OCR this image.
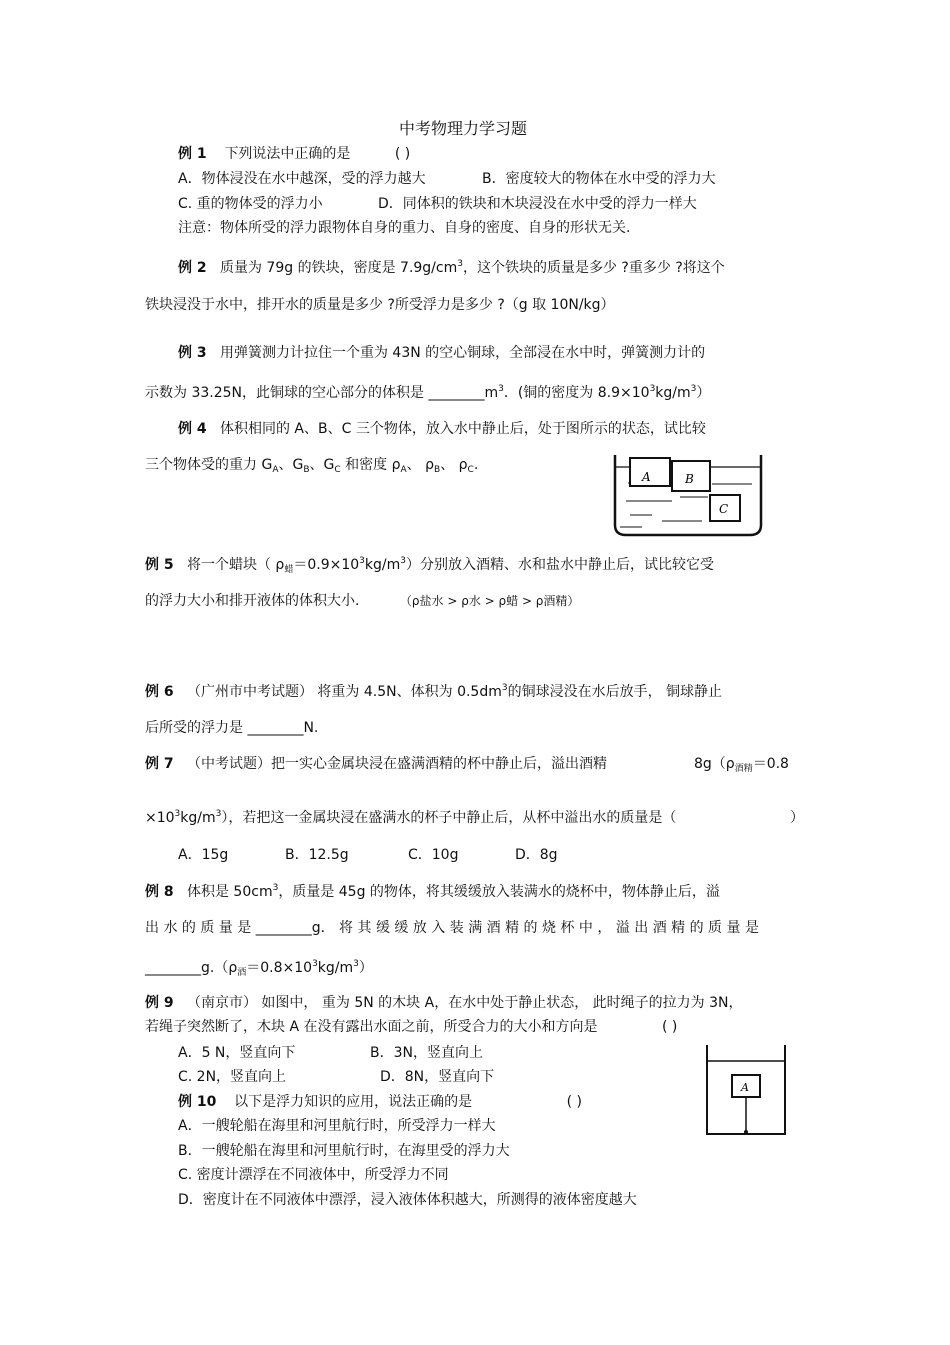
中考物理力学习题
例 1 下列说法中正确的是	( )
A．物体浸没在水中越深，受的浮力越大	B．密度较大的物体在水中受的浮力大
C. 重的物体受的浮力小	D．同体积的铁块和木块浸没在水中受的浮力一样大
注意：物体所受的浮力跟物体自身的重力、自身的密度、自身的形状无关.
例 2 质量为 79g 的铁块，密度是 $7.9g/cm^3$，这个铁块的质量是多少 ?重多少 ?将这个
铁块浸没于水中，排开水的质量是多少 ?所受浮力是多少 ?（g 取 10N/kg）
例 3 用弹簧测力计拉住一个重为 43N 的空心铜球，全部浸在水中时，弹簧测力计的
示数为 33.25N，此铜球的空心部分的体积是 $\_\_\_\_\_\_\_\_m^3$．(铜的密度为 $8.9\times 10^3kg/m^3$）
例 4 体积相同的 A、B、C 三个物体，放入水中静止后，处于图所示的状态，试比较
三个物体受的重力 $G_A$、$G_B$、$G_C$ 和密度 $\rho_A$、 $\rho_B$、 $\rho_C$.
A	B
C
例 5 将一个蜡块（ $\rho_蜡=0.9\times 10^3kg/m^3$）分别放入酒精、水和盐水中静止后，试比较它受
的浮力大小和排开液体的体积大小.	（ρ盐水 > ρ水 > ρ蜡 > ρ酒精）
例 6 （广州市中考试题） 将重为 4.5N、体积为 $0.5dm^3$的铜球浸没在水后放手， 铜球静止
后所受的浮力是 ________N.
例 7 （中考试题）把一实心金属块浸在盛满酒精的杯中静止后，溢出酒精	$8g(\rho_{酒精}=0.8$
$\times 10^3kg/m^3$），若把这一金属块浸在盛满水的杯子中静止后，从杯中溢出水的质量是（	）
A．15g	B．12.5g	C．10g	D．8g
例 8 体积是 $50cm^3$，质量是 45g 的物体，将其缓缓放入装满水的烧杯中，物体静止后，溢
出 水 的 质 量 是 ________g． 将 其 缓 缓 放 入 装 满 酒 精 的 烧 杯 中 ， 溢 出 酒 精 的 质 量 是
$\_\_\_\_\_\_\_\_g.(\rho_酒=0.8\times 10^3kg/m^3)$
例 9 （南京市） 如图中， 重为 5N 的木块 A，在水中处于静止状态， 此时绳子的拉力为 3N，
若绳子突然断了，木块 A 在没有露出水面之前，所受合力的大小和方向是	( )
A．5 N，竖直向下	B．3N，竖直向上
C. 2N，竖直向上	D．8N，竖直向下
A
例 10 以下是浮力知识的应用，说法正确的是	( )
A．一艘轮船在海里和河里航行时，所受浮力一样大
B．一艘轮船在海里和河里航行时，在海里受的浮力大
C. 密度计漂浮在不同液体中，所受浮力不同
D．密度计在不同液体中漂浮，浸入液体体积越大，所测得的液体密度越大
